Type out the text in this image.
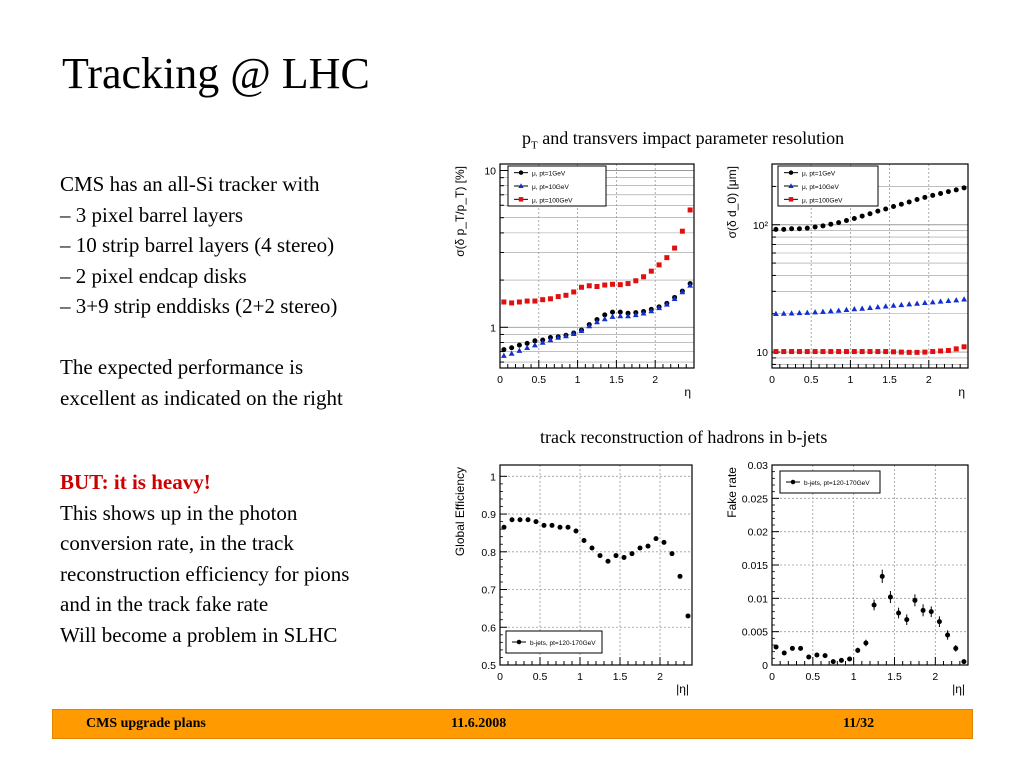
Tracking @ LHC
CMS has an all-Si tracker with
– 3 pixel barrel layers
– 10 strip barrel layers (4 stereo)
– 2 pixel endcap disks
– 3+9 strip enddisks (2+2 stereo)
The expected performance is
excellent as indicated on the right
BUT: it is heavy!
This shows up in the photon
conversion rate, in the track
reconstruction efficiency for pions
and in the track fake rate
Will become a problem in SLHC
$p_T$ and transvers impact parameter resolution
track reconstruction of hadrons in b-jets
0	0.5	1	1.5	2
1
10
η
σ(δ p_T/p_T) [%]	μ, pt=1GeV
μ, pt=10GeV
μ, pt=100GeV
0	0.5	1	1.5	2
10
10²
η
σ(δ d_0) [μm]	μ, pt=1GeV
μ, pt=10GeV
μ, pt=100GeV
0	0.5	1	1.5	2
0.5
0.6
0.7
0.8
0.9
1
|η|
Global Efficiency
b-jets, pt=120-170GeV
0	0.5	1	1.5	2
0
0.005
0.01
0.015
0.02
0.025
0.03
|η|
Fake rate	b-jets, pt=120-170GeV
CMS upgrade plans	11.6.2008	11/32
